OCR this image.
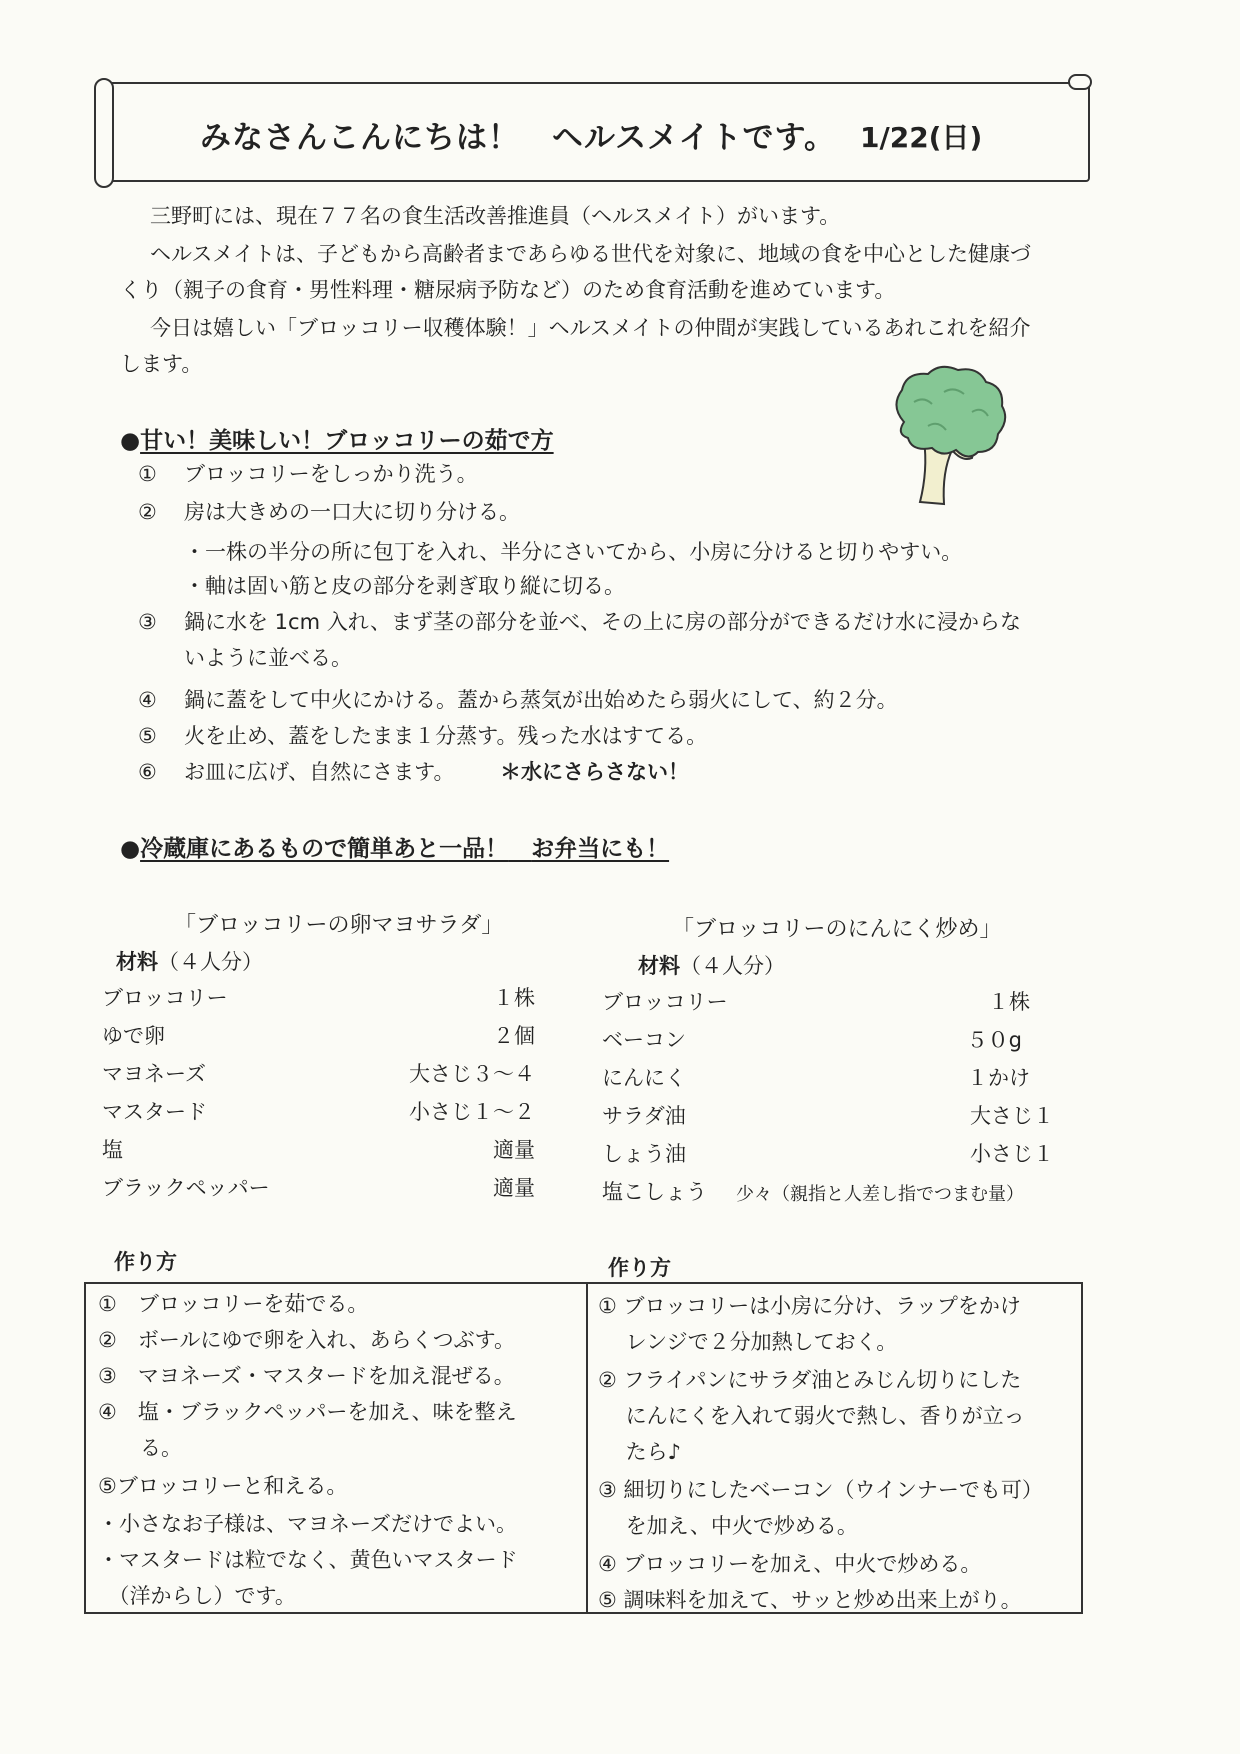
みなさんこんにちは！　ヘルスメイトです。 1/22(日)
三野町には、現在７７名の食生活改善推進員（ヘルスメイト）がいます。
ヘルスメイトは、子どもから高齢者まであらゆる世代を対象に、地域の食を中心とした健康づ
くり（親子の食育・男性料理・糖尿病予防など）のため食育活動を進めています。
今日は嬉しい「ブロッコリー収穫体験！」ヘルスメイトの仲間が実践しているあれこれを紹介
します。
●甘い！美味しい！ブロッコリーの茹で方
① ブロッコリーをしっかり洗う。
② 房は大きめの一口大に切り分ける。
・一株の半分の所に包丁を入れ、半分にさいてから、小房に分けると切りやすい。
・軸は固い筋と皮の部分を剥ぎ取り縦に切る。
③ 鍋に水を 1cm 入れ、まず茎の部分を並べ、その上に房の部分ができるだけ水に浸からな
いように並べる。
④ 鍋に蓋をして中火にかける。蓋から蒸気が出始めたら弱火にして、約２分。
⑤ 火を止め、蓋をしたまま１分蒸す。残った水はすてる。
⑥ お皿に広げ、自然にさます。 ＊水にさらさない！
●冷蔵庫にあるもので簡単あと一品！　 お弁当にも！
「ブロッコリーの卵マヨサラダ」
材料（４人分）
ブロッコリー	１株
ゆで卵	２個
マヨネーズ	大さじ３～４
マスタード	小さじ１～２
塩	適量
ブラックペッパー	適量
「ブロッコリーのにんにく炒め」
材料（４人分）
ブロッコリー	１株
ベーコン	５０g
にんにく	１かけ
サラダ油	大さじ１
しょう油	小さじ１
塩こしょう 少々（親指と人差し指でつまむ量）
作り方	作り方
①　ブロッコリーを茹でる。
②　ボールにゆで卵を入れ、あらくつぶす。
③　マヨネーズ・マスタードを加え混ぜる。
④　塩・ブラックペッパーを加え、味を整え
　　る。
⑤ブロッコリーと和える。
・小さなお子様は、マヨネーズだけでよい。
・マスタードは粒でなく、黄色いマスタード
　（洋からし）です。
① ブロッコリーは小房に分け、ラップをかけ
　 レンジで２分加熱しておく。
② フライパンにサラダ油とみじん切りにした
　 にんにくを入れて弱火で熱し、香りが立っ
　 たら♪
③ 細切りにしたベーコン（ウインナーでも可）
　 を加え、中火で炒める。
④ ブロッコリーを加え、中火で炒める。
⑤ 調味料を加えて、サッと炒め出来上がり。
